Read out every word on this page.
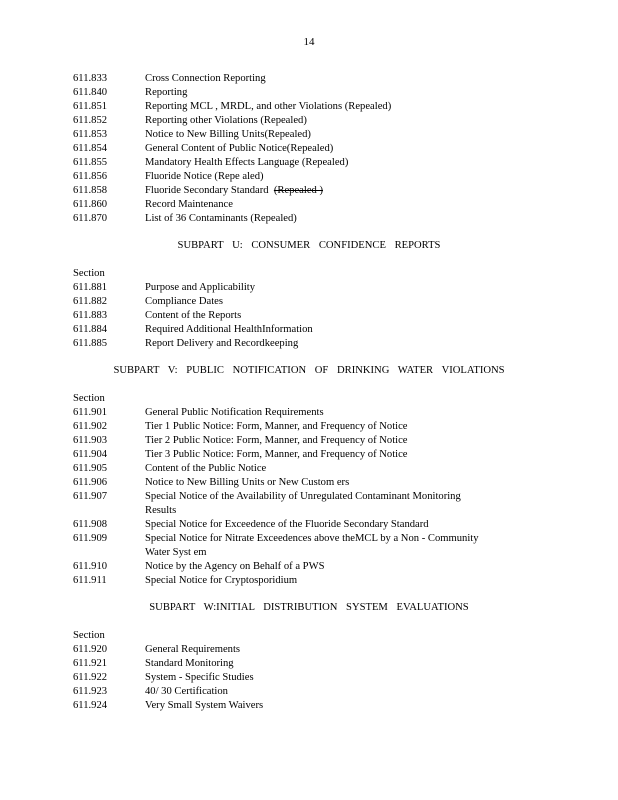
14
611.833	Cross Connection Reporting
611.840	Reporting
611.851	Reporting MCL , MRDL, and other Violations (Repealed)
611.852	Reporting other Violations (Repealed)
611.853	Notice to New Billing Units(Repealed)
611.854	General Content of Public Notice(Repealed)
611.855	Mandatory Health Effects Language (Repealed)
611.856	Fluoride Notice (Repe aled)
611.858	Fluoride Secondary Standard (Repealed )
611.860	Record Maintenance
611.870	List of 36 Contaminants (Repealed)
SUBPART U: CONSUMER CONFIDENCE REPORTS
Section
611.881	Purpose and Applicability
611.882	Compliance Dates
611.883	Content of the Reports
611.884	Required Additional HealthInformation
611.885	Report Delivery and Recordkeeping
SUBPART V: PUBLIC NOTIFICATION OF DRINKING WATER VIOLATIONS
Section
611.901	General Public Notification Requirements
611.902	Tier 1 Public Notice: Form, Manner, and Frequency of Notice
611.903	Tier 2 Public Notice: Form, Manner, and Frequency of Notice
611.904	Tier 3 Public Notice: Form, Manner, and Frequency of Notice
611.905	Content of the Public Notice
611.906	Notice to New Billing Units or New Custom ers
611.907	Special Notice of the Availability of Unregulated Contaminant Monitoring
Results
611.908	Special Notice for Exceedence of the Fluoride Secondary Standard
611.909	Special Notice for Nitrate Exceedences above theMCL by a Non - Community
Water Syst em
611.910	Notice by the Agency on Behalf of a PWS
611.911	Special Notice for Cryptosporidium
SUBPART W:INITIAL DISTRIBUTION SYSTEM EVALUATIONS
Section
611.920	General Requirements
611.921	Standard Monitoring
611.922	System - Specific Studies
611.923	40/ 30 Certification
611.924	Very Small System Waivers
